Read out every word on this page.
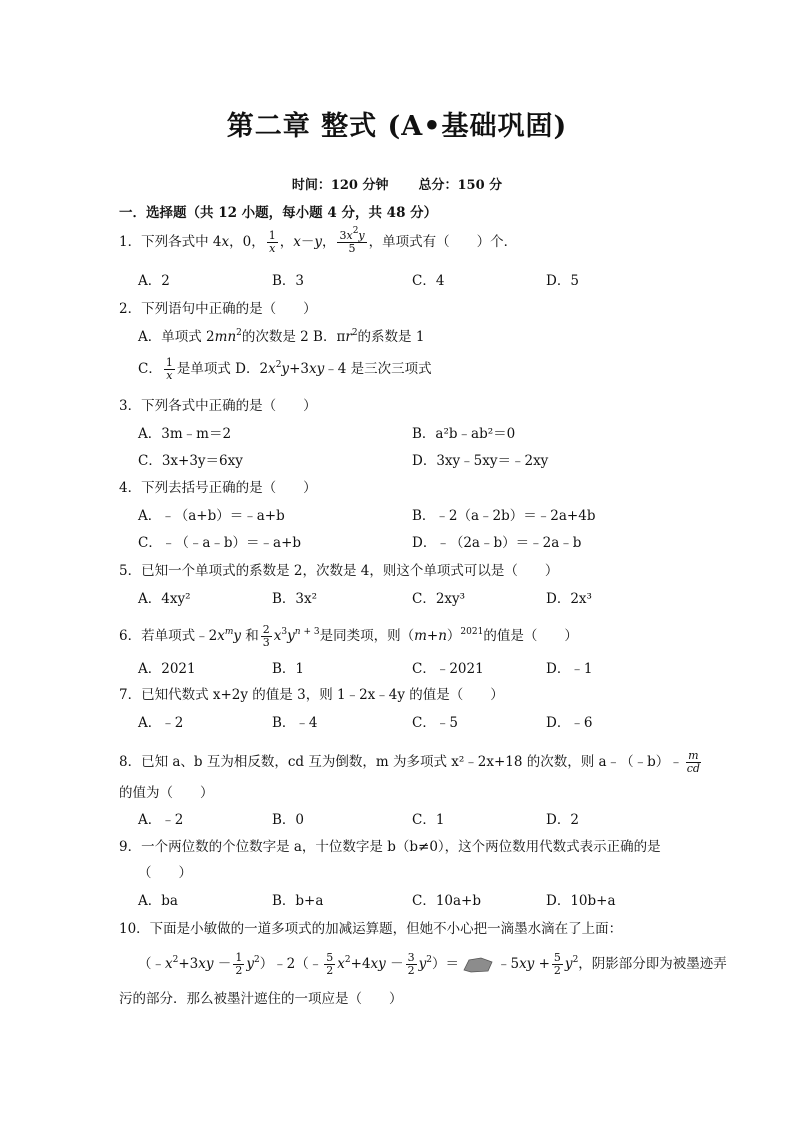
第二章 整式 (A•基础巩固)
时间：120 分钟 总分：150 分
一．选择题（共 12 小题，每小题 4 分，共 48 分）
1．下列各式中 4x，0， $\frac{1}{x}$ ，x－y， $\frac{3x^2y}{5}$ ，单项式有（　　）个．
A．2	B．3	C．4	D．5
2．下列语句中正确的是（　　）
A．单项式 $2mn^2$的次数是 2 B．$\pi r^2$的系数是 1
C． $\frac{1}{x}$ 是单项式 D．$2x^2y+3xy﹣4$ 是三次三项式
3．下列各式中正确的是（　　）
A．3m﹣m＝2	B．a²b﹣ab²＝0
C．3x+3y＝6xy	D．3xy﹣5xy＝﹣2xy
4．下列去括号正确的是（　　）
A．﹣（a+b）＝﹣a+b	B．﹣2（a﹣2b）＝﹣2a+4b
C．﹣（﹣a﹣b）＝﹣a+b	D．﹣（2a﹣b）＝﹣2a﹣b
5．已知一个单项式的系数是 2，次数是 4，则这个单项式可以是（　　）
A．4xy²	B．3x²	C．2xy³	D．2x³
6．若单项式$﹣2x^my$ 和 $\frac{2}{3} x^3y^{n + 3}$是同类项，则$(m+n)^{2021}$的值是（　　）
A．2021	B．1	C．﹣2021	D．﹣1
7．已知代数式 x+2y 的值是 3，则 1﹣2x﹣4y 的值是（　　）
A．﹣2	B．﹣4	C．﹣5	D．﹣6
8．已知 a、b 互为相反数，cd 互为倒数，m 为多项式 x²﹣2x+18 的次数，则 a﹣（﹣b）﹣ $\frac{m}{cd}$
的值为（　　）
A．﹣2	B．0	C．1	D．2
9．一个两位数的个位数字是 a，十位数字是 b（b≠0），这个两位数用代数式表示正确的是
（　　）
A．ba	B．b+a	C．10a+b	D．10b+a
10．下面是小敏做的一道多项式的加减运算题，但她不小心把一滴墨水滴在了上面：
（$﹣x^2+3xy - \frac{1}{2}$ $y^2)﹣2(﹣ \frac{5}{2} x^2+4xy - \frac{3}{2} y^2)=$	﹣5xy + $\frac{5}{2} y^2$，阴影部分即为被墨迹弄
污的部分．那么被墨汁遮住的一项应是（　　）
